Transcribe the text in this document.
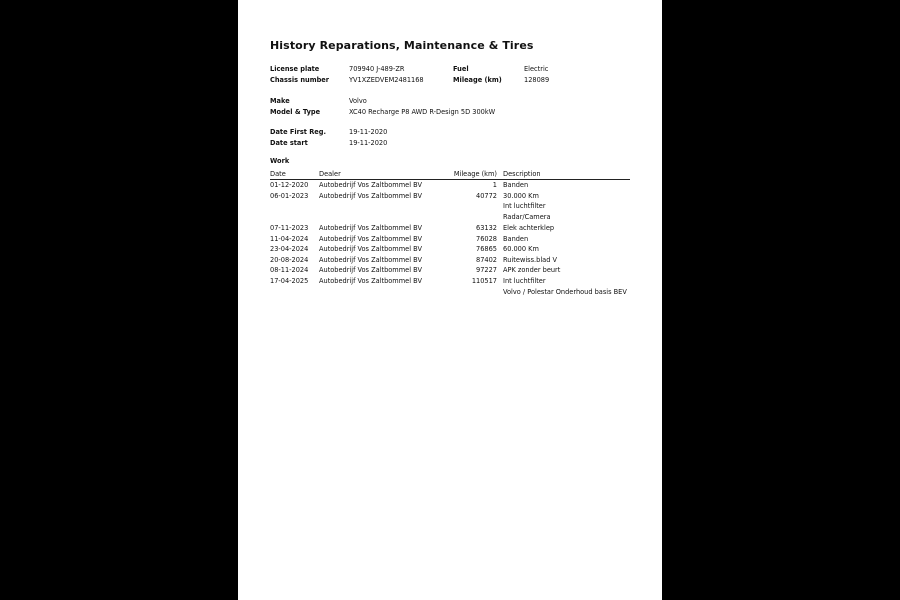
History Reparations, Maintenance & Tires
License plate	709940 J-489-ZR	Fuel	Electric
Chassis number	YV1XZEDVEM2481168	Mileage (km)	128089
Make	Volvo
Model & Type	XC40 Recharge P8 AWD R-Design 5D 300kW
Date First Reg.	19-11-2020
Date start	19-11-2020
Work
Date	Dealer	Mileage (km) Description
01-12-2020 Autobedrijf Vos Zaltbommel BV	1 Banden
06-01-2023 Autobedrijf Vos Zaltbommel BV	40772 30.000 Km
Int luchtfilter
Radar/Camera
07-11-2023 Autobedrijf Vos Zaltbommel BV	63132 Elek achterklep
11-04-2024 Autobedrijf Vos Zaltbommel BV	76028 Banden
23-04-2024 Autobedrijf Vos Zaltbommel BV	76865 60.000 Km
20-08-2024 Autobedrijf Vos Zaltbommel BV	87402 Ruitewiss.blad V
08-11-2024 Autobedrijf Vos Zaltbommel BV	97227 APK zonder beurt
17-04-2025 Autobedrijf Vos Zaltbommel BV	110517 Int luchtfilter
Volvo / Polestar Onderhoud basis BEV
